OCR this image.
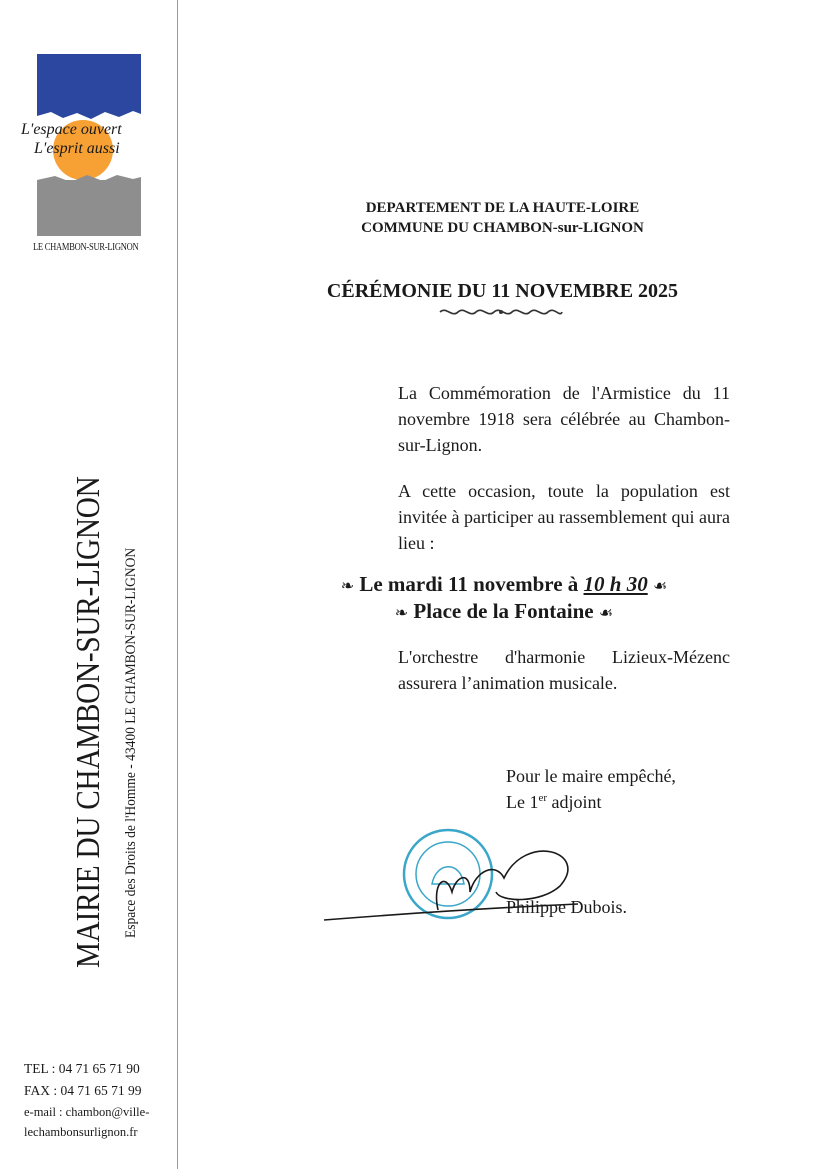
L'espace ouvert
L'esprit aussi
LE CHAMBON-SUR-LIGNON
MAIRIE DU CHAMBON-SUR-LIGNON Espace des Droits de l'Homme - 43400 LE CHAMBON-SUR-LIGNON
TEL : 04 71 65 71 90
FAX : 04 71 65 71 99
e-mail : chambon@ville-
lechambonsurlignon.fr
DEPARTEMENT DE LA HAUTE-LOIRE
COMMUNE DU CHAMBON-sur-LIGNON
CÉRÉMONIE DU 11 NOVEMBRE 2025
La Commémoration de l'Armistice du 11 novembre 1918 sera célébrée au Chambon-sur-Lignon.
A cette occasion, toute la population est invitée à participer au rassemblement qui aura lieu :
❧ Le mardi 11 novembre à 10 h 30 ☙
❧ Place de la Fontaine ☙
L'orchestre d'harmonie Lizieux-Mézenc assurera l’animation musicale.
Pour le maire empêché,
Le 1er adjoint
Philippe Dubois.
